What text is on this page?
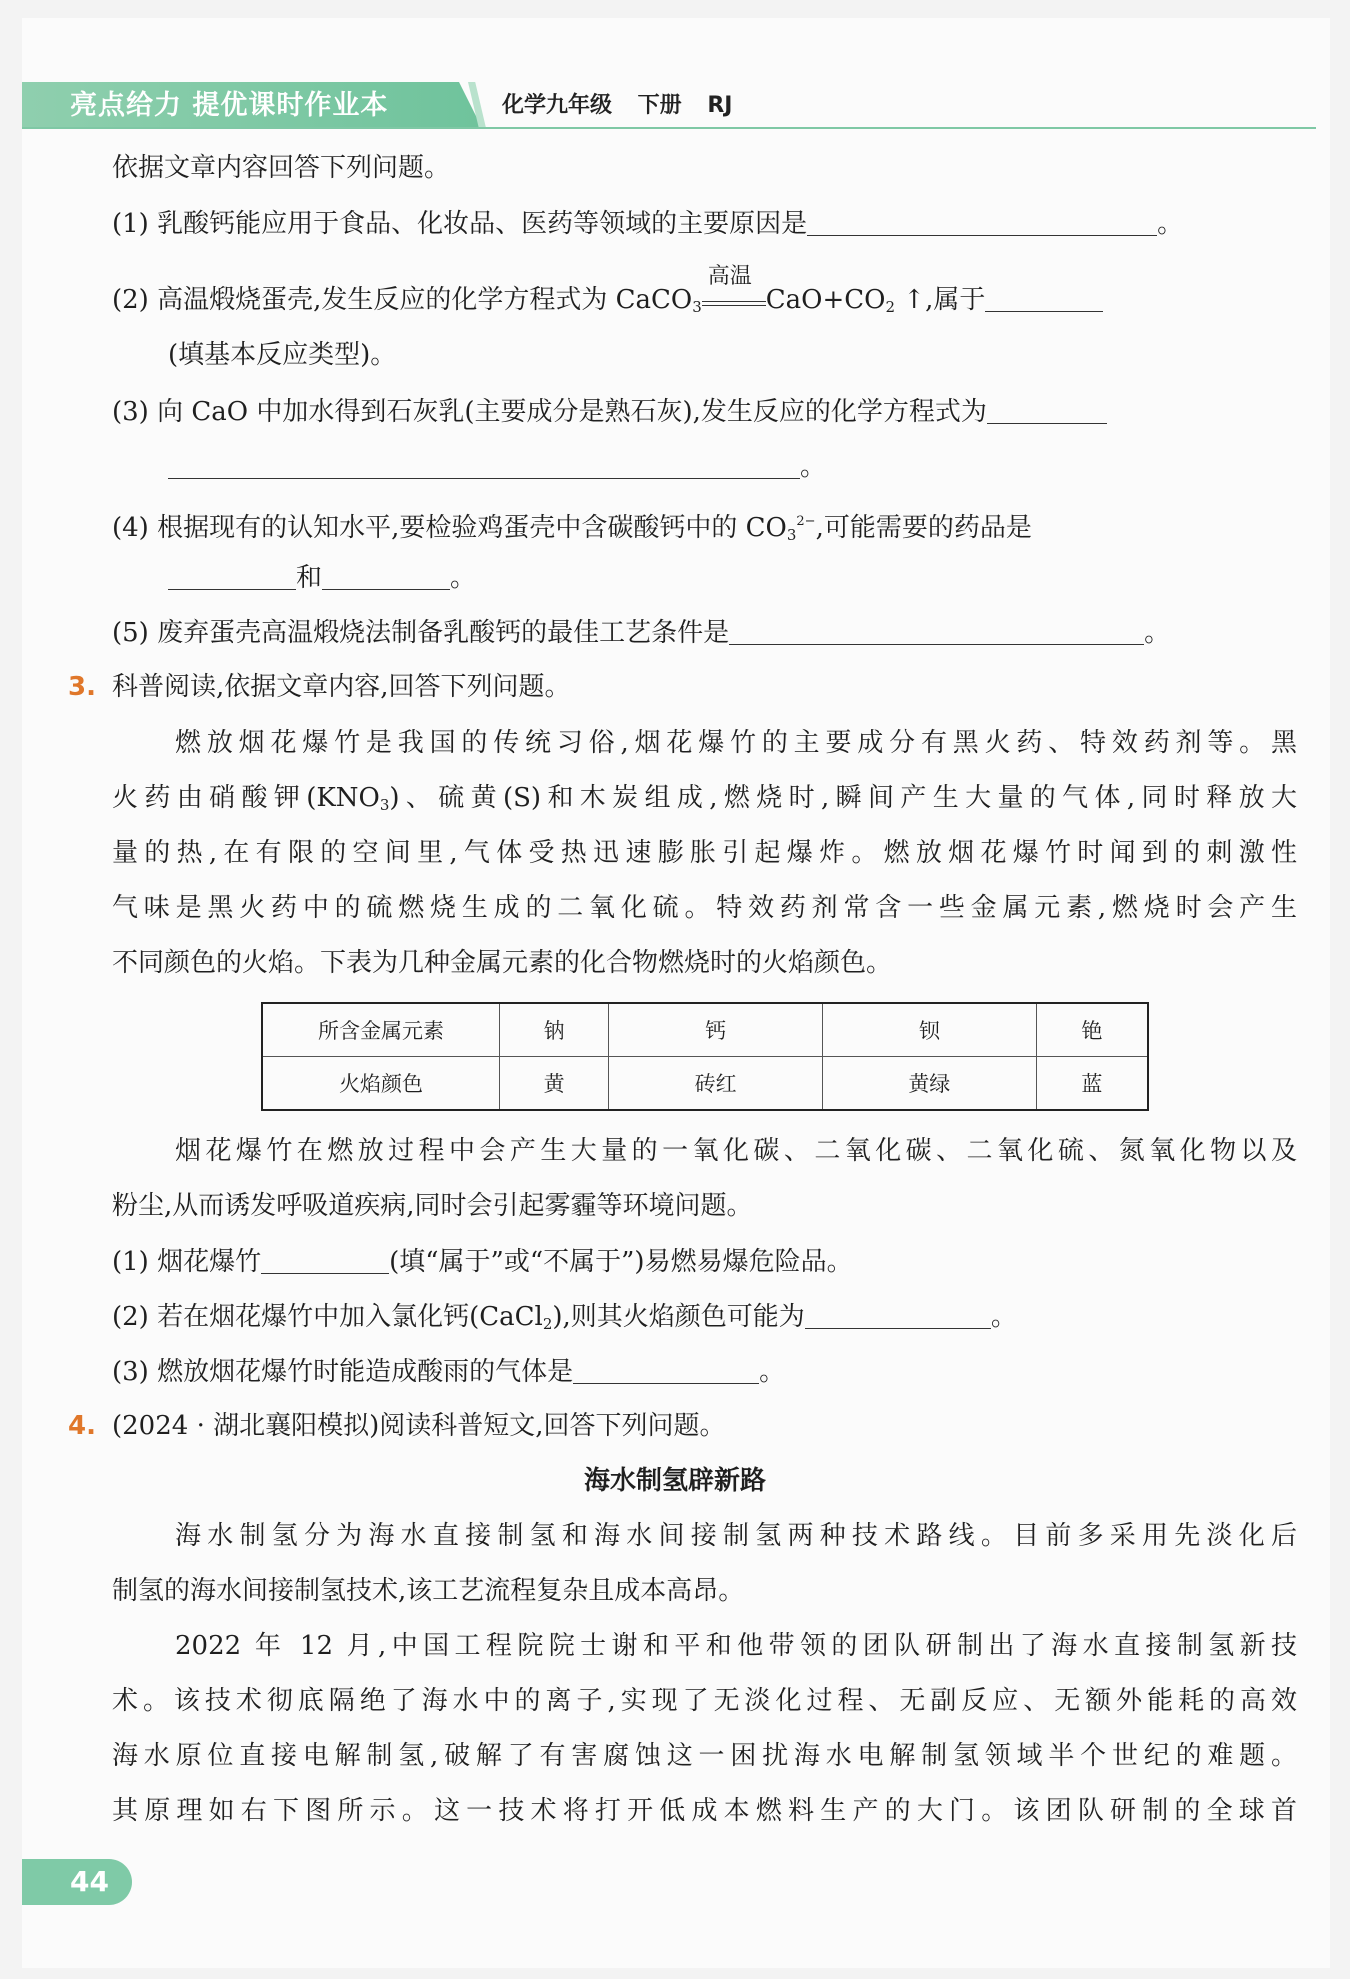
亮点给力 提优课时作业本	化学九年级 下册 RJ
依据文章内容回答下列问题。
(1) 乳酸钙能应用于食品、化妆品、医药等领域的主要原因是	。
(2) 高温煅烧蛋壳,发生反应的化学方程式为 CaCO$_3$
高温
$CaO+CO_2$ ↑,属于
(填基本反应类型)。
(3) 向 CaO 中加水得到石灰乳(主要成分是熟石灰),发生反应的化学方程式为
。
(4) 根据现有的认知水平,要检验鸡蛋壳中含碳酸钙中的 $CO_3^{2-}$,可能需要的药品是
和	。
(5) 废弃蛋壳高温煅烧法制备乳酸钙的最佳工艺条件是	。
3. 科普阅读,依据文章内容,回答下列问题。
燃放烟花爆竹是我国的传统习俗,烟花爆竹的主要成分有黑火药、特效药剂等。黑
火药由硝酸钾$(KNO_3)$、硫黄(S)和木炭组成,燃烧时,瞬间产生大量的气体,同时释放大
量的热,在有限的空间里,气体受热迅速膨胀引起爆炸。燃放烟花爆竹时闻到的刺激性
气味是黑火药中的硫燃烧生成的二氧化硫。特效药剂常含一些金属元素,燃烧时会产生
不同颜色的火焰。下表为几种金属元素的化合物燃烧时的火焰颜色。
所含金属元素	钠	钙	钡	铯
火焰颜色	黄	砖红	黄绿	蓝
烟花爆竹在燃放过程中会产生大量的一氧化碳、二氧化碳、二氧化硫、氮氧化物以及
粉尘,从而诱发呼吸道疾病,同时会引起雾霾等环境问题。
(1) 烟花爆竹	(填“属于”或“不属于”)易燃易爆危险品。
(2) 若在烟花爆竹中加入氯化钙(CaCl$_2$),则其火焰颜色可能为	。
(3) 燃放烟花爆竹时能造成酸雨的气体是	。
4. (2024 · 湖北襄阳模拟)阅读科普短文,回答下列问题。
海水制氢辟新路
海水制氢分为海水直接制氢和海水间接制氢两种技术路线。目前多采用先淡化后
制氢的海水间接制氢技术,该工艺流程复杂且成本高昂。
2022 年 12 月,中国工程院院士谢和平和他带领的团队研制出了海水直接制氢新技
术。该技术彻底隔绝了海水中的离子,实现了无淡化过程、无副反应、无额外能耗的高效
海水原位直接电解制氢,破解了有害腐蚀这一困扰海水电解制氢领域半个世纪的难题。
其原理如右下图所示。这一技术将打开低成本燃料生产的大门。该团队研制的全球首
44
